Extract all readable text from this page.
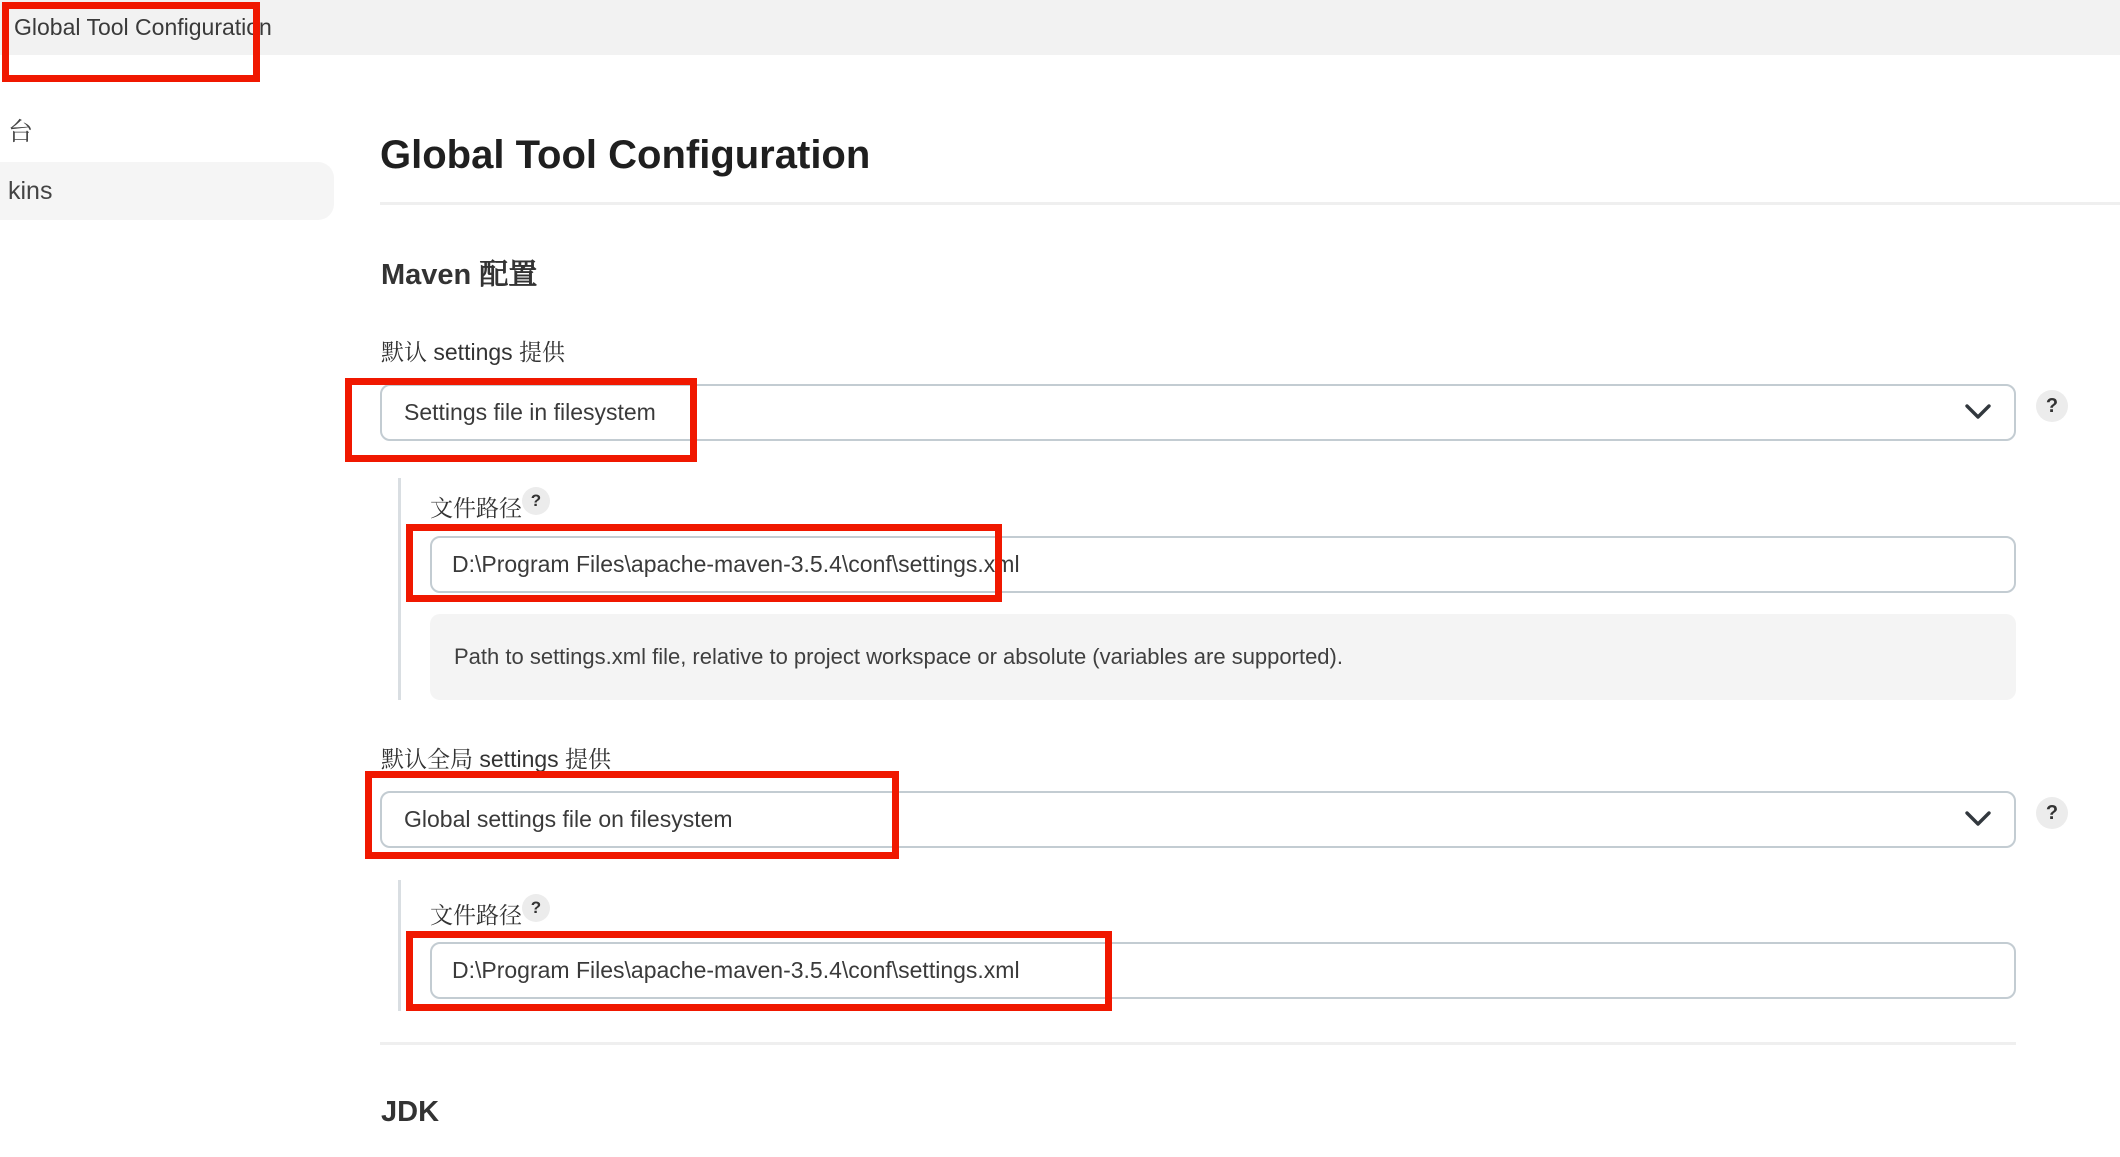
Global Tool Configuration
台
kins
Global Tool Configuration
Maven 配置
默认 settings 提供
Settings file in filesystem	?
文件路径 ?
D:\Program Files\apache-maven-3.5.4\conf\settings.xml
Path to settings.xml file, relative to project workspace or absolute (variables are supported).
默认全局 settings 提供
Global settings file on filesystem	?
文件路径 ?
D:\Program Files\apache-maven-3.5.4\conf\settings.xml
JDK
